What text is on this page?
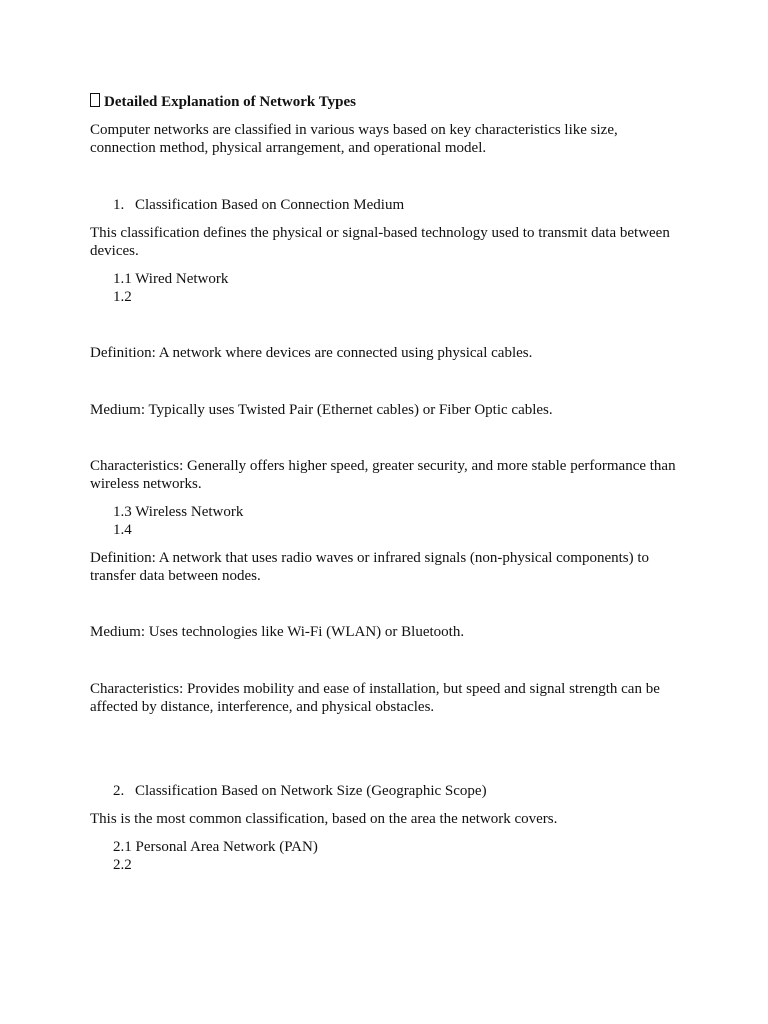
Detailed Explanation of Network Types

Computer networks are classified in various ways based on key characteristics like size, connection method, physical arrangement, and operational model.

1. Classification Based on Connection Medium

This classification defines the physical or signal-based technology used to transmit data between devices.

1.1 Wired Network
1.2

Definition: A network where devices are connected using physical cables.

Medium: Typically uses Twisted Pair (Ethernet cables) or Fiber Optic cables.

Characteristics: Generally offers higher speed, greater security, and more stable performance than wireless networks.

1.3 Wireless Network
1.4

Definition: A network that uses radio waves or infrared signals (non-physical components) to transfer data between nodes.

Medium: Uses technologies like Wi-Fi (WLAN) or Bluetooth.

Characteristics: Provides mobility and ease of installation, but speed and signal strength can be affected by distance, interference, and physical obstacles.

2. Classification Based on Network Size (Geographic Scope)

This is the most common classification, based on the area the network covers.

2.1 Personal Area Network (PAN)
2.2
